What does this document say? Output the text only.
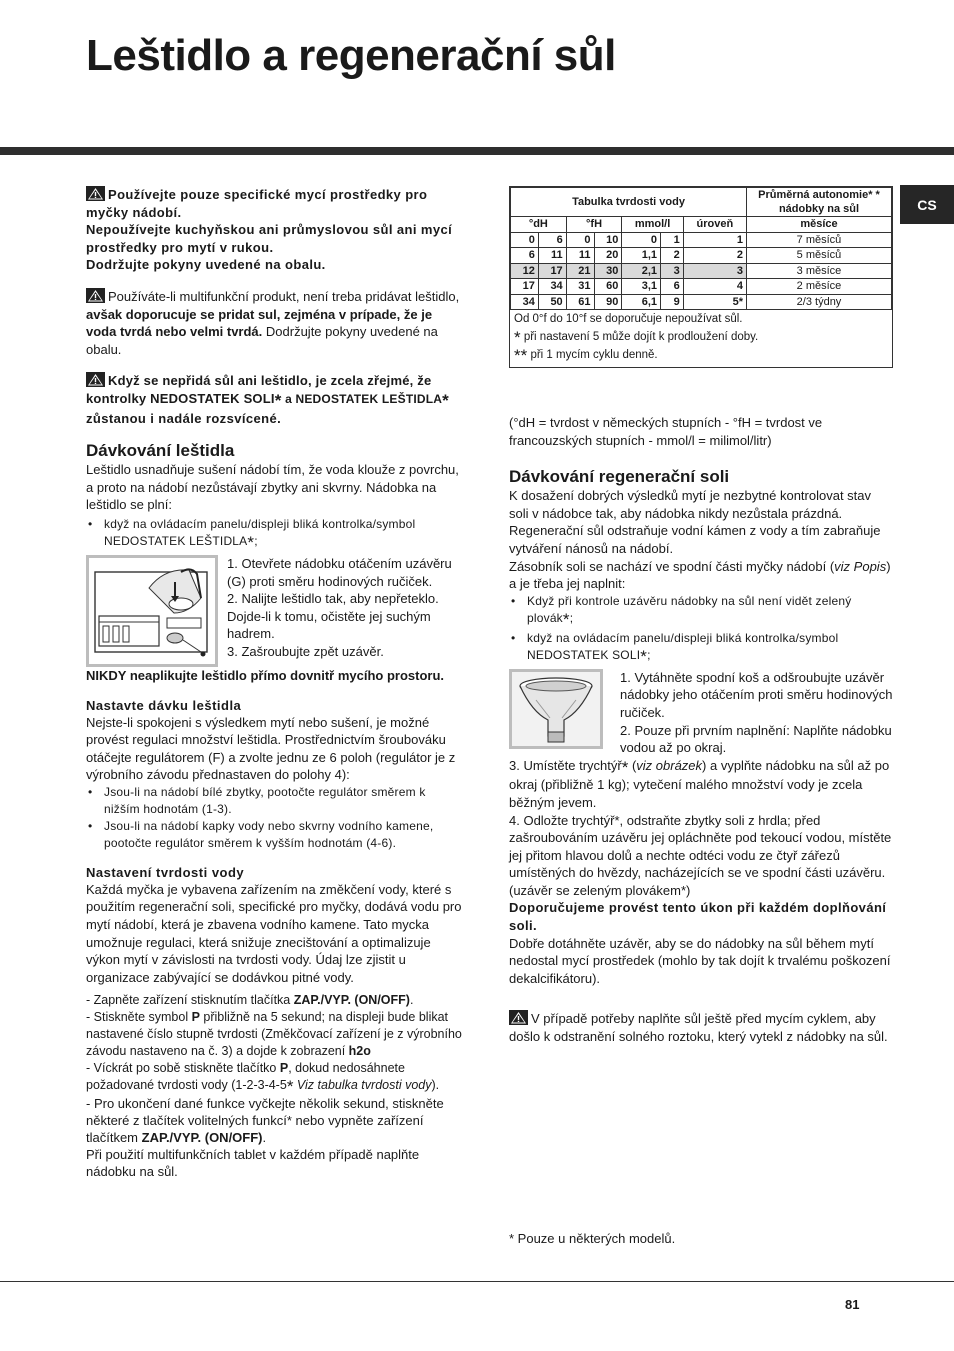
Leštidlo a regenerační sůl
CS

Používejte pouze specifické mycí prostředky pro myčky nádobí.

Nepoužívejte kuchyňskou ani průmyslovou sůl ani mycí prostředky pro mytí v rukou.

Dodržujte pokyny uvedené na obalu.

Používáte-li multifunkční produkt, není treba pridávat leštidlo, avšak doporucuje se pridat sul, zejména v prípade, že je voda tvrdá nebo velmi tvrdá. Dodržujte pokyny uvedené na obalu.

Když se nepřidá sůl ani leštidlo, je zcela zřejmé, že kontrolky NEDOSTATEK SOLI* a NEDOSTATEK LEŠTIDLA*

zůstanou i nadále rozsvícené.

Dávkování leštidla

Leštidlo usnadňuje sušení nádobí tím, že voda klouže z povrchu, a proto na nádobí nezůstávají zbytky ani skvrny. Nádobka na leštidlo se plní:

• když na ovládacím panelu/displeji bliká kontrolka/symbol NEDOSTATEK LEŠTIDLA*;

1. Otevřete nádobku otáčením uzávěru (G) proti směru hodinových ručiček.
2. Nalijte leštidlo tak, aby nepřeteklo. Dojde-li k tomu, očistěte jej suchým hadrem.
3. Zašroubujte zpět uzávěr.

NIKDY neaplikujte leštidlo přímo dovnitř mycího prostoru.

Nastavte dávku leštidla

Nejste-li spokojeni s výsledkem mytí nebo sušení, je možné provést regulaci množství leštidla. Prostřednictvím šroubováku otáčejte regulátorem (F) a zvolte jednu ze 6 poloh (regulátor je z výrobního závodu přednastaven do polohy 4):

• Jsou-li na nádobí bílé zbytky, pootočte regulátor směrem k nižším hodnotám (1-3).
• Jsou-li na nádobí kapky vody nebo skvrny vodního kamene, pootočte regulátor směrem k vyšším hodnotám (4-6).
Nastavení tvrdosti vody

Každá myčka je vybavena zařízením na změkčení vody, které s použitím regenerační soli, specifické pro myčky, dodává vodu pro mytí nádobí, která je zbavena vodního kamene. Tato mycka umožnuje regulaci, která snižuje znecištování a optimalizuje výkon mytí v závislosti na tvrdosti vody. Údaj lze zjistit u organizace zabývající se dodávkou pitné vody.

- Zapněte zařízení stisknutím tlačítka ZAP./VYP. (ON/OFF).

- Stiskněte symbol P přibližně na 5 sekund; na displeji bude blikat nastavené číslo stupně tvrdosti (Změkčovací zařízení je z výrobního závodu nastaveno na č. 3) a dojde k zobrazení h2o

- Víckrát po sobě stiskněte tlačítko P, dokud nedosáhnete požadované tvrdosti vody (1-2-3-4-5* Viz tabulka tvrdosti vody).

- Pro ukončení dané funkce vyčkejte několik sekund, stiskněte některé z tlačítek volitelných funkcí* nebo vypněte zařízení tlačítkem ZAP./VYP. (ON/OFF).

Při použití multifunkčních tablet v každém případě naplňte nádobku na sůl.

Tabulka tvrdosti vody							Průměrná autonomie* * nádobky na sůl
°dH		°fH		mmol/l		úroveň	měsíce
0	6	0	10	0	1	1	7 měsíců
6	11	11	20	1,1	2	2	5 měsíců
12	17	21	30	2,1	3	3	3 měsíce
17	34	31	60	3,1	6	4	2 měsíce
34	50	61	90	6,1	9	5*	2/3 týdny

Od 0°f do 10°f se doporučuje nepoužívat sůl.

* při nastavení 5 může dojít k prodloužení doby.

** při 1 mycím cyklu denně.

(°dH = tvrdost v německých stupních - °fH = tvrdost ve francouzských stupních - mmol/l = milimol/litr)

Dávkování regenerační soli

K dosažení dobrých výsledků mytí je nezbytné kontrolovat stav soli v nádobce tak, aby nádobka nikdy nezůstala prázdná. Regenerační sůl odstraňuje vodní kámen z vody a tím zabraňuje vytváření nánosů na nádobí.
Zásobník soli se nachází ve spodní části myčky nádobí (viz Popis) a je třeba jej naplnit:

• Když při kontrole uzávěru nádobky na sůl není vidět zelený plovák*;
• když na ovládacím panelu/displeji bliká kontrolka/symbol NEDOSTATEK SOLI*;

1. Vytáhněte spodní koš a odšroubujte uzávěr nádobky jeho otáčením proti směru hodinových ručiček.
2. Pouze při prvním naplnění: Naplňte nádobku vodou až po okraj.

3. Umístěte trychtýř* (viz obrázek) a vyplňte nádobku na sůl až po okraj (přibližně 1 kg); vytečení malého množství vody je zcela běžným jevem.

4. Odložte trychtýř*, odstraňte zbytky soli z hrdla; před zašroubováním uzávěru jej opláchněte pod tekoucí vodou, místěte jej přitom hlavou dolů a nechte odtéci vodu ze čtyř zářezů umístěných do hvězdy, nacházejících se ve spodní části uzávěru. (uzávěr se zeleným plovákem*)

Doporučujeme provést tento úkon při každém doplňování soli.

Dobře dotáhněte uzávěr, aby se do nádobky na sůl během mytí nedostal mycí prostředek (mohlo by tak dojít k trvalému poškození dekalcifikátoru).

V případě potřeby naplňte sůl ještě před mycím cyklem, aby došlo k odstranění solného roztoku, který vytekl z nádobky na sůl.

* Pouze u některých modelů.

81
